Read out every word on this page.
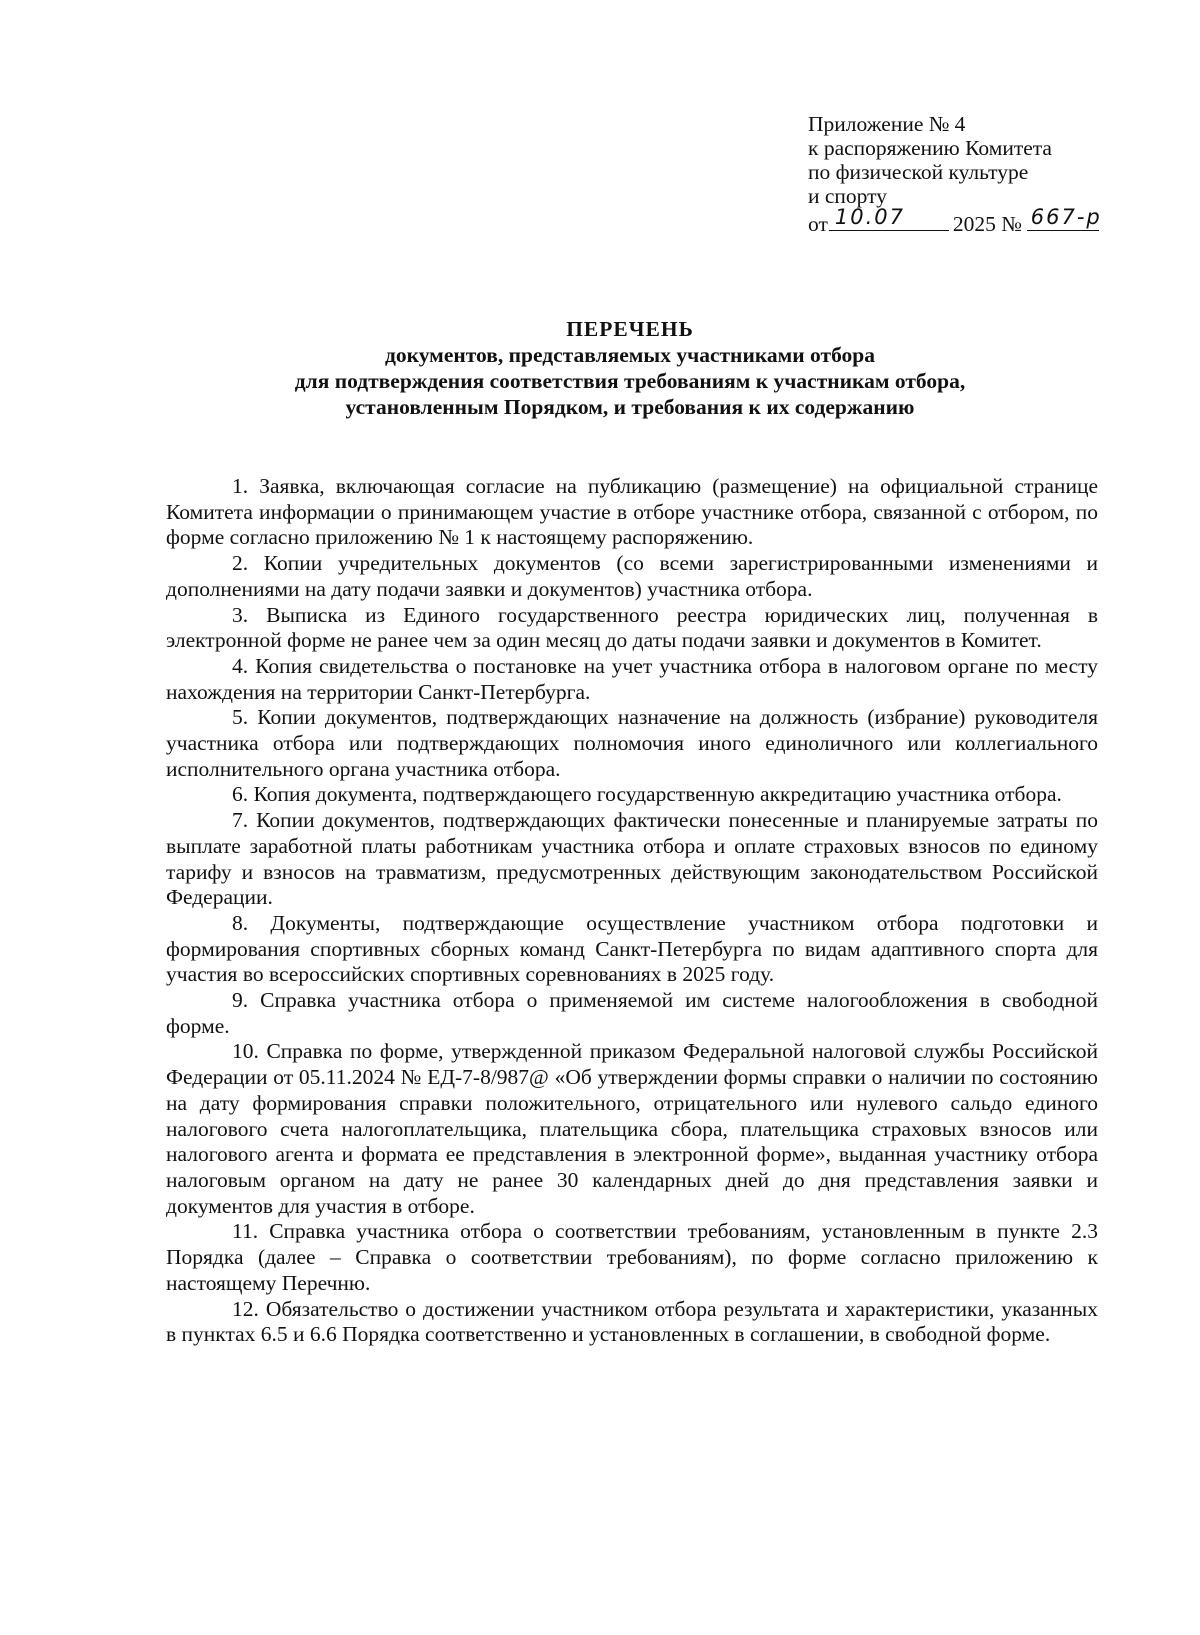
Приложение № 4
к распоряжению Комитета
по физической культуре
и спорту
от 10.07 2025 № 667-р
ПЕРЕЧЕНЬ
документов, представляемых участниками отбора
для подтверждения соответствия требованиям к участникам отбора,
установленным Порядком, и требования к их содержанию

1. Заявка, включающая согласие на публикацию (размещение) на официальной странице Комитета информации о принимающем участие в отборе участнике отбора, связанной с отбором, по форме согласно приложению № 1 к настоящему распоряжению.

2. Копии учредительных документов (со всеми зарегистрированными изменениями и дополнениями на дату подачи заявки и документов) участника отбора.

3. Выписка из Единого государственного реестра юридических лиц, полученная в электронной форме не ранее чем за один месяц до даты подачи заявки и документов в Комитет.

4. Копия свидетельства о постановке на учет участника отбора в налоговом органе по месту нахождения на территории Санкт-Петербурга.

5. Копии документов, подтверждающих назначение на должность (избрание) руководителя участника отбора или подтверждающих полномочия иного единоличного или коллегиального исполнительного органа участника отбора.

6. Копия документа, подтверждающего государственную аккредитацию участника отбора.

7. Копии документов, подтверждающих фактически понесенные и планируемые затраты по выплате заработной платы работникам участника отбора и оплате страховых взносов по единому тарифу и взносов на травматизм, предусмотренных действующим законодательством Российской Федерации.

8. Документы, подтверждающие осуществление участником отбора подготовки и формирования спортивных сборных команд Санкт-Петербурга по видам адаптивного спорта для участия во всероссийских спортивных соревнованиях в 2025 году.

9. Справка участника отбора о применяемой им системе налогообложения в свободной форме.

10. Справка по форме, утвержденной приказом Федеральной налоговой службы Российской Федерации от 05.11.2024 № ЕД-7-8/987@ «Об утверждении формы справки о наличии по состоянию на дату формирования справки положительного, отрицательного или нулевого сальдо единого налогового счета налогоплательщика, плательщика сбора, плательщика страховых взносов или налогового агента и формата ее представления в электронной форме», выданная участнику отбора налоговым органом на дату не ранее 30 календарных дней до дня представления заявки и документов для участия в отборе.

11. Справка участника отбора о соответствии требованиям, установленным в пункте 2.3 Порядка (далее – Справка о соответствии требованиям), по форме согласно приложению к настоящему Перечню.

12. Обязательство о достижении участником отбора результата и характеристики, указанных в пунктах 6.5 и 6.6 Порядка соответственно и установленных в соглашении, в свободной форме.
